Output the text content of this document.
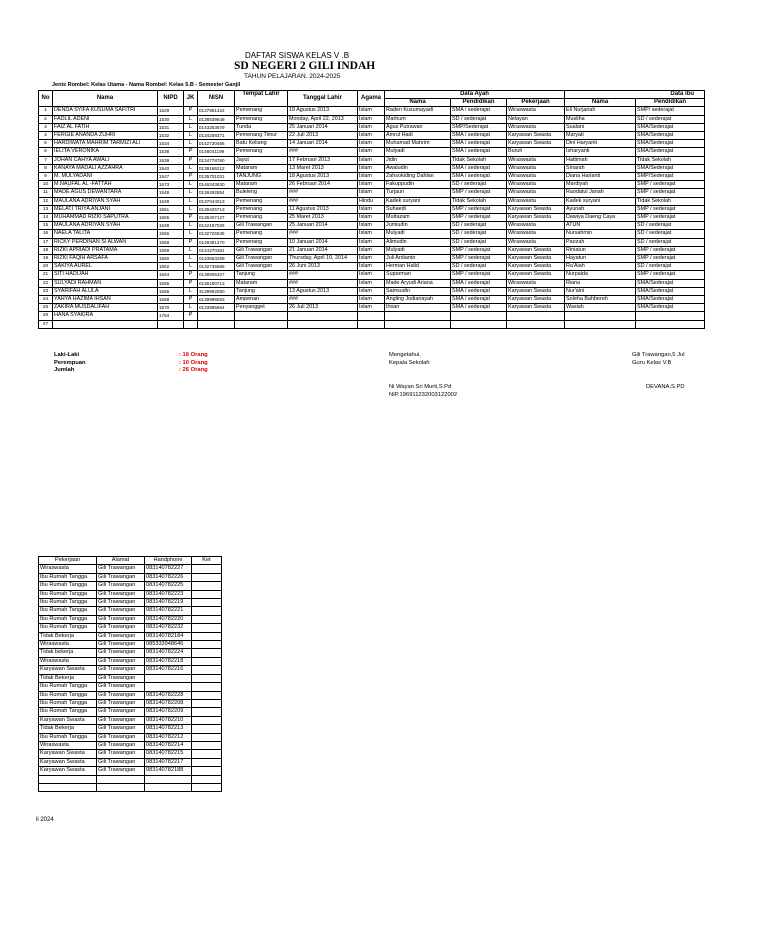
DAFTAR SISWA KELAS V .B
SD NEGERI 2 GILI INDAH
TAHUN PELAJARAN. 2024-2025
Jenis Rombel: Kelas Utama - Nama Rombel: Kelas 5.B - Semester Ganjil
No	Nama	NIPD	JK	NISN	Tempat Lahir	Tanggal Lahir	Agama	Data Ayah			Data ibu	
								Nama	Pendidikan	Pekerjaan	Nama	Pendidikan
1	DENDA SYIFA KUSUMA SAFITRI	1529	P	0137951422	Pemenang	19 Agustus 2013	Islam	Raden Kusumayadi	SMA / sederajat	Wiraswasta	Eli Nurjanah	SMP/ sederajat
2	FADLIL ADENI	1530	L	0136539849	Pemenang	Monday, April 22, 2013	Islam	Marhum	SD / sederajat	Nelayan	Musliha	SD / sederajat
3	FAIZ AL FATIH	1531	L	0143263679	Tunda	25 Januari 2014	Islam	Agus Putrawan	SMP/Sederajat	Wiraswasta	Sualani	SMA/Sederajat
4	FERGIE ANANDA ZUHRI	1532	L	0134208371	Pemenang Timur	22 Juli 2013	Islam	Amrul Hadi	SMA / sederajat	Karyawan Swasta	Maryati	SMA/Sederajat
5	HARDIWATA MAHRIM TARMIZI ALI	1534	L	0142730466	Batu Keliang	14 Januari 2014	Islam	Muhamad Mahrim	SMA / sederajat	Karyawan Swasta	Dini Haryanti	SMA/Sederajat
6	IELITA VERONIKA	1538	P	0148041199	Pemenang	###	Islam	Mulyadi	SMA / sederajat	Buruh	Isharyanti	SMA/Sederajat
7	JOHAN CAHYA AWALI	1539	P	0134778760	Jayut	17 Februari 2013	Islam	Jidin	Tidak Sekolah	Wiraswasta	Hattimah	Tidak Sekolah
8	KANAYA MADALI AZZAHRA	1540	L	0138166212	Mataram	13 Maret 2013	Islam	Awaludin	SMA / sederajat	Wiraswasta	Sinarah	SMA/Sederajat
9	M. MULYADANI	1547	P	0135701031	TANJUNG	18 Agustus 2013	Islam	Zahsokiding Dahlan	SMA / sederajat	Wiraswasta	Diana Harianti	SMP/Sederajat
10	M.NAUFAL AL -FATTAH	1673	L	0146343630	Mataram	26 Februari 2014	Islam	Fakuppudin	SD / sederajat	Wiraswasta	Mardiyah	SMP / sederajat
11	MADE AGUS DEWANTARA	1548	L	0138492854	Buleleng	###	Islam	Turjaun	SMP / sederajat	Wiraswasta	Raodatul Janah	SMP / sederajat
12	MAULANA ADRIYAN SYAH	1549	L	0137044013	Pemenang	###	Hindu	Kadek suryani	Tidak Sekolah	Wiraswasta	Kadek suryani	Tidak Sekolah
13	MELATI TRIYA ANJANI	1551	L	0139425713	Pemenang	11 Agustus 2013	Islam	Suhaedi	SMP / sederajat	Karyawan Swasta	Ayunah	SMP / sederajat
14	MUHAMMAD RIZKI SAPUTRA	1555	P	0136407127	Pemenang	25 Maret 2013	Islam	Muttazam	SMP / sederajat	Karyawan Swasta	Dawiya Daeng Caya	SMP / sederajat
15	MAULANA ADRIYAN SYAH	1549	L	0142197026	Gili Trawangan	25 Januari 2014	Islam	Jumiudin	SD / sederajat	Wiraswasta	ATUN	SD / sederajat
16	NAELA TALITA	1556	L	0132726635	Pemenang	###	Islam	Mulyadi	SD / sederajat	Wiraswasta	Nursahmin	SD / sederajat
17	RICKY PERDINAN SI ALWAN	1558	P	0149381270	Pemenang	10 Januari 2014	Islam	Alimudin	SD / sederajat	Wiraswasta	Paozah	SD / sederajat
18	RIZKI APRIADI PRATAMA	1559	L	0144270361	Gili Trawangan	21 Januari 2014	Islam	Mulyadi	SMP / sederajat	Karyawan Swasta	Riniatun	SMP / sederajat
19	RIZKI FAQIH ARSAFA	1560	L	0143553269	Gili Trawangan	Thursday, April 10, 2014	Islam	Juli Ardianto	SMP / sederajat	Karyawan Swasta	Hayatun	SMP / sederajat
20	SAKIYA AUREL	1562	L	0132735665	Gili Trawangan	26 Juni 2013	Islam	Herman Halid	SD / sederajat	Karyawan Swasta	Ra'Aiah	SD / sederajat
21	SITI HADIJAH	1564	P	0138906327	Tanjung	###	Islam	Suparman	SMP / sederajat	Karyawan Swasta	Nurpaida	SMP / sederajat
22	SULYADI RAHMAN	1565	P	0136180713	Mataram	###	Islam	Made Aryudi Ariana	SMA / sederajat	Wiraswasta	Riana	SMA/Sederajat
23	SYARIFAH ALULA	1566	L	3139992050	Tanjung	13 Agustus 2013	Islam	Samsudin	SMA / sederajat	Karyawan Swasta	Nur'aini	SMA/Sederajat
24	YAHYA HAZIMA IHSAN	1568	P	0139996553	Ampenan	###	Islam	Angling Jodianayah	SMA / sederajat	Karyawan Swasta	Soleha Bahbereh	SMA/Sederajat
25	ZAKIRA MUSDALIFAH	1570	L	0133985664	Penyangget	26 Juli 2013	Islam	Ihsan	SMA / sederajat	Karyawan Swasta	Wasiah	SMA/Sederajat
26	HANA SYAKIRA	1754	P									
27												
Laki-Laki	: 16 Orang
Perempuan	: 10 Orang
Jumlah	: 26 Orang
Mengetahui,
Kepala Sekolah
Ni Wayan Sri Murti,S.Pd
NIP.196911232003122002
Gili Trawangan,5 Jul
Guru Kelas V.B
DEVANA,S.PD
Pekerjaan	Alamat	Handphone	Ket
Wiraswasta	Gili Trawangan	083140782227	
Ibu Rumah Tangga	Gili Trawangan	083140782226	
Ibu Rumah Tangga	Gili Trawangan	083140782225	
Ibu Rumah Tangga	Gili Trawangan	083140782223	
Ibu Rumah Tangga	Gili Trawangan	083140782219	
Ibu Rumah Tangga	Gili Trawangan	083140782221	
Ibu Rumah Tangga	Gili Trawangan	083140782220	
Ibu Rumah Tangga	Gili Trawangan	083140782232	
Tidak Bekerja	Gili Trawangan	083140782184	
Wiraswasta	Gili Trawangan	085333948646	
Tidak bekerja	Gili Trawangan	083140782224	
Wiraswasta	Gili Trawangan	083140782218	
Karyawan Swasta	Gili Trawangan	083140782216	
Tidak Bekerja	Gili Trawangan		
Ibu Rumah Tangga	Gili Trawangan		
Ibu Rumah Tangga	Gili Trawangan	083140782228	
Ibu Rumah Tangga	Gili Trawangan	083140782208	
Ibu Rumah Tangga	Gili Trawangan	083140782209	
Karyawan Swasta	Gili Trawangan	083140782210	
Tidak Bekerja	Gili Trawangan	083140782213	
Ibu Rumah Tangga	Gili Trawangan	083140782212	
Wiraswasta	Gili Trawangan	083140782214	
Karyawan Swasta	Gili Trawangan	083140782215	
Karyawan Swasta	Gili Trawangan	083140782217	
Karyawan Swasta	Gili Trawangan	083140782188	

li 2024
